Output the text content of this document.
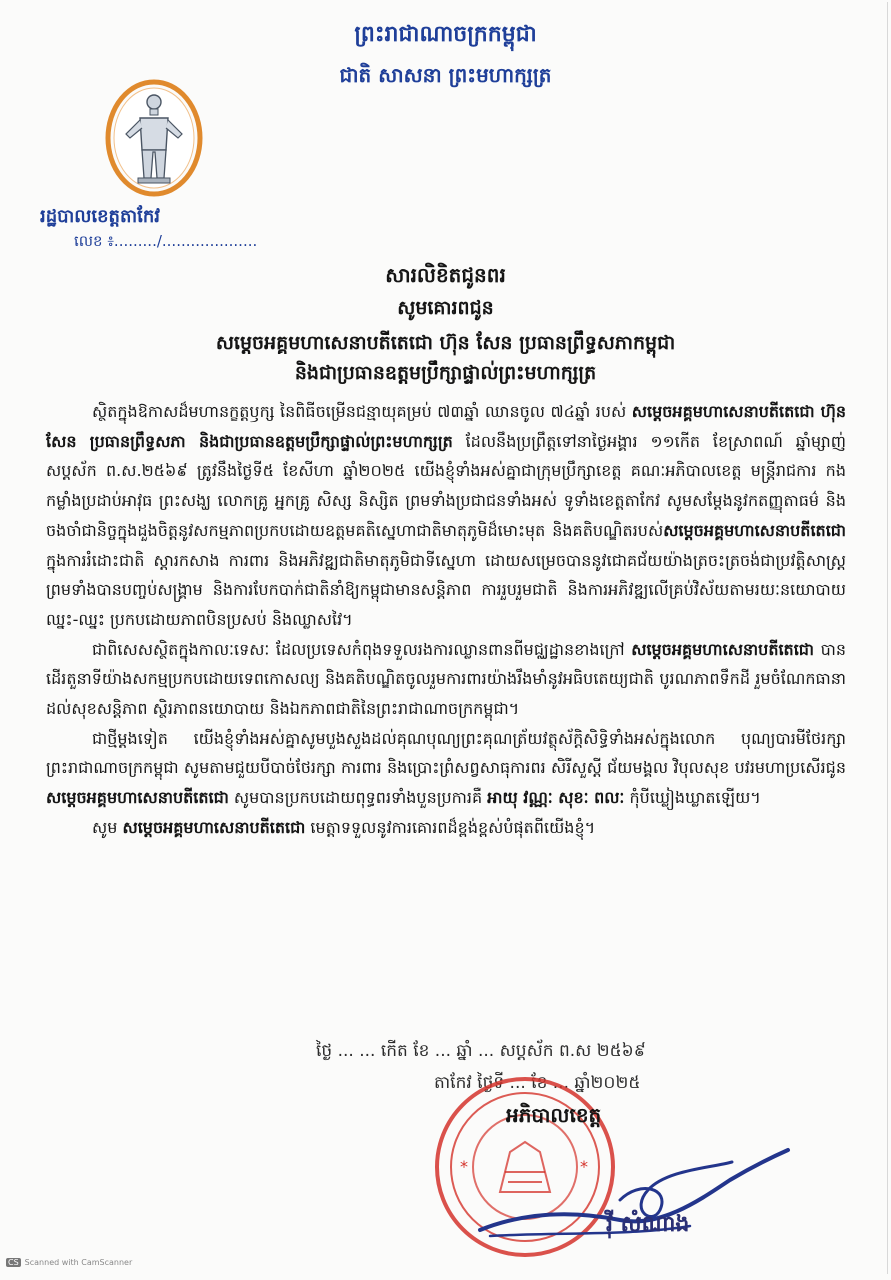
ព្រះរាជាណាចក្រកម្ពុជា
ជាតិ សាសនា ព្រះមហាក្សត្រ
រដ្ឋបាលខេត្តតាកែវ
លេខ ៖........./....................
សារលិខិតជូនពរ
សូមគោរពជូន
សម្តេចអគ្គមហាសេនាបតីតេជោ ហ៊ុន សែន ប្រធានព្រឹទ្ធសភាកម្ពុជា
និងជាប្រធានឧត្តមប្រឹក្សាផ្ទាល់ព្រះមហាក្សត្រ

ស្ថិតក្នុងឱកាសដ៏មហានក្ខត្តឫក្ស នៃពិធីចម្រើនជន្មាយុគម្រប់ ៧៣ឆ្នាំ ឈានចូល ៧៤ឆ្នាំ របស់ សម្តេចអគ្គមហាសេនាបតីតេជោ ហ៊ុន សែន ប្រធានព្រឹទ្ធសភា និងជាប្រធានឧត្តមប្រឹក្សាផ្ទាល់ព្រះមហាក្សត្រ ដែលនឹងប្រព្រឹត្តទៅនាថ្ងៃអង្គារ ១១កើត ខែស្រាពណ៍ ឆ្នាំម្សាញ់ សប្តស័ក ព.ស.២៥៦៩ ត្រូវនឹងថ្ងៃទី៥ ខែសីហា ឆ្នាំ២០២៥ យើងខ្ញុំទាំងអស់គ្នាជាក្រុមប្រឹក្សាខេត្ត គណៈអភិបាលខេត្ត មន្ត្រីរាជការ កងកម្លាំងប្រដាប់អាវុធ ព្រះសង្ឃ លោកគ្រូ អ្នកគ្រូ សិស្ស និស្សិត ព្រមទាំងប្រជាជនទាំងអស់ ទូទាំងខេត្តតាកែវ សូមសម្តែងនូវកតញ្ញុតាធម៌ និងចងចាំជានិច្ចក្នុងដួងចិត្តនូវសកម្មភាពប្រកបដោយឧត្តមគតិស្នេហាជាតិមាតុភូមិដ៏មោះមុត និងគតិបណ្ឌិតរបស់សម្តេចអគ្គមហាសេនាបតីតេជោ ក្នុងការរំដោះជាតិ ស្តារកសាង ការពារ និងអភិវឌ្ឍជាតិមាតុភូមិជាទីស្នេហា ដោយសម្រេចបាននូវជោគជ័យយ៉ាងត្រចះត្រចង់ជាប្រវត្តិសាស្ត្រ ព្រមទាំងបានបញ្ចប់សង្គ្រាម និងការបែកបាក់ជាតិនាំឱ្យកម្ពុជាមានសន្តិភាព ការរួបរួមជាតិ និងការអភិវឌ្ឍលើគ្រប់វិស័យតាមរយៈនយោបាយឈ្នះ-ឈ្នះ ប្រកបដោយភាពបិនប្រសប់ និងឈ្លាសវៃ។

ជាពិសេសស្ថិតក្នុងកាលៈទេសៈ ដែលប្រទេសកំពុងទទួលរងការឈ្លានពានពីមជ្ឈដ្ឋានខាងក្រៅ សម្តេចអគ្គមហាសេនាបតីតេជោ បានដើរតួនាទីយ៉ាងសកម្មប្រកបដោយទេពកោសល្យ និងគតិបណ្ឌិតចូលរួមការពារយ៉ាងរឹងមាំនូវអធិបតេយ្យជាតិ បូរណភាពទឹកដី រួមចំណែកធានាដល់សុខសន្តិភាព ស្ថិរភាពនយោបាយ និងឯកភាពជាតិនៃព្រះរាជាណាចក្រកម្ពុជា។

ជាថ្មីម្តងទៀត យើងខ្ញុំទាំងអស់គ្នាសូមបួងសួងដល់គុណបុណ្យព្រះគុណត្រ័យវត្ថុស័ក្តិសិទ្ធិទាំងអស់ក្នុងលោក បុណ្យបារមីថែរក្សាព្រះរាជាណាចក្រកម្ពុជា សូមតាមជួយបីបាច់ថែរក្សា ការពារ និងប្រោះព្រំសព្វសាធុការពរ សិរីសួស្តី ជ័យមង្គល វិបុលសុខ បវរមហាប្រសើរជូន សម្តេចអគ្គមហាសេនាបតីតេជោ សូមបានប្រកបដោយពុទ្ធពរទាំងបួនប្រការគឺ អាយុ វណ្ណៈ សុខៈ ពលៈ កុំបីឃ្លៀងឃ្លាតឡើយ។

សូម សម្តេចអគ្គមហាសេនាបតីតេជោ មេត្តាទទួលនូវការគោរពដ៏ខ្ពង់ខ្ពស់បំផុតពីយើងខ្ញុំ។

ថ្ងៃ ... ... កើត ខែ ... ឆ្នាំ ... សប្តស័ក ព.ស ២៥៦៩
តាកែវ ថ្ងៃទី ... ខែ ... ឆ្នាំ២០២៥
*	*
អភិបាលខេត្ត
វ៉ី សំណាង
CS Scanned with CamScanner
